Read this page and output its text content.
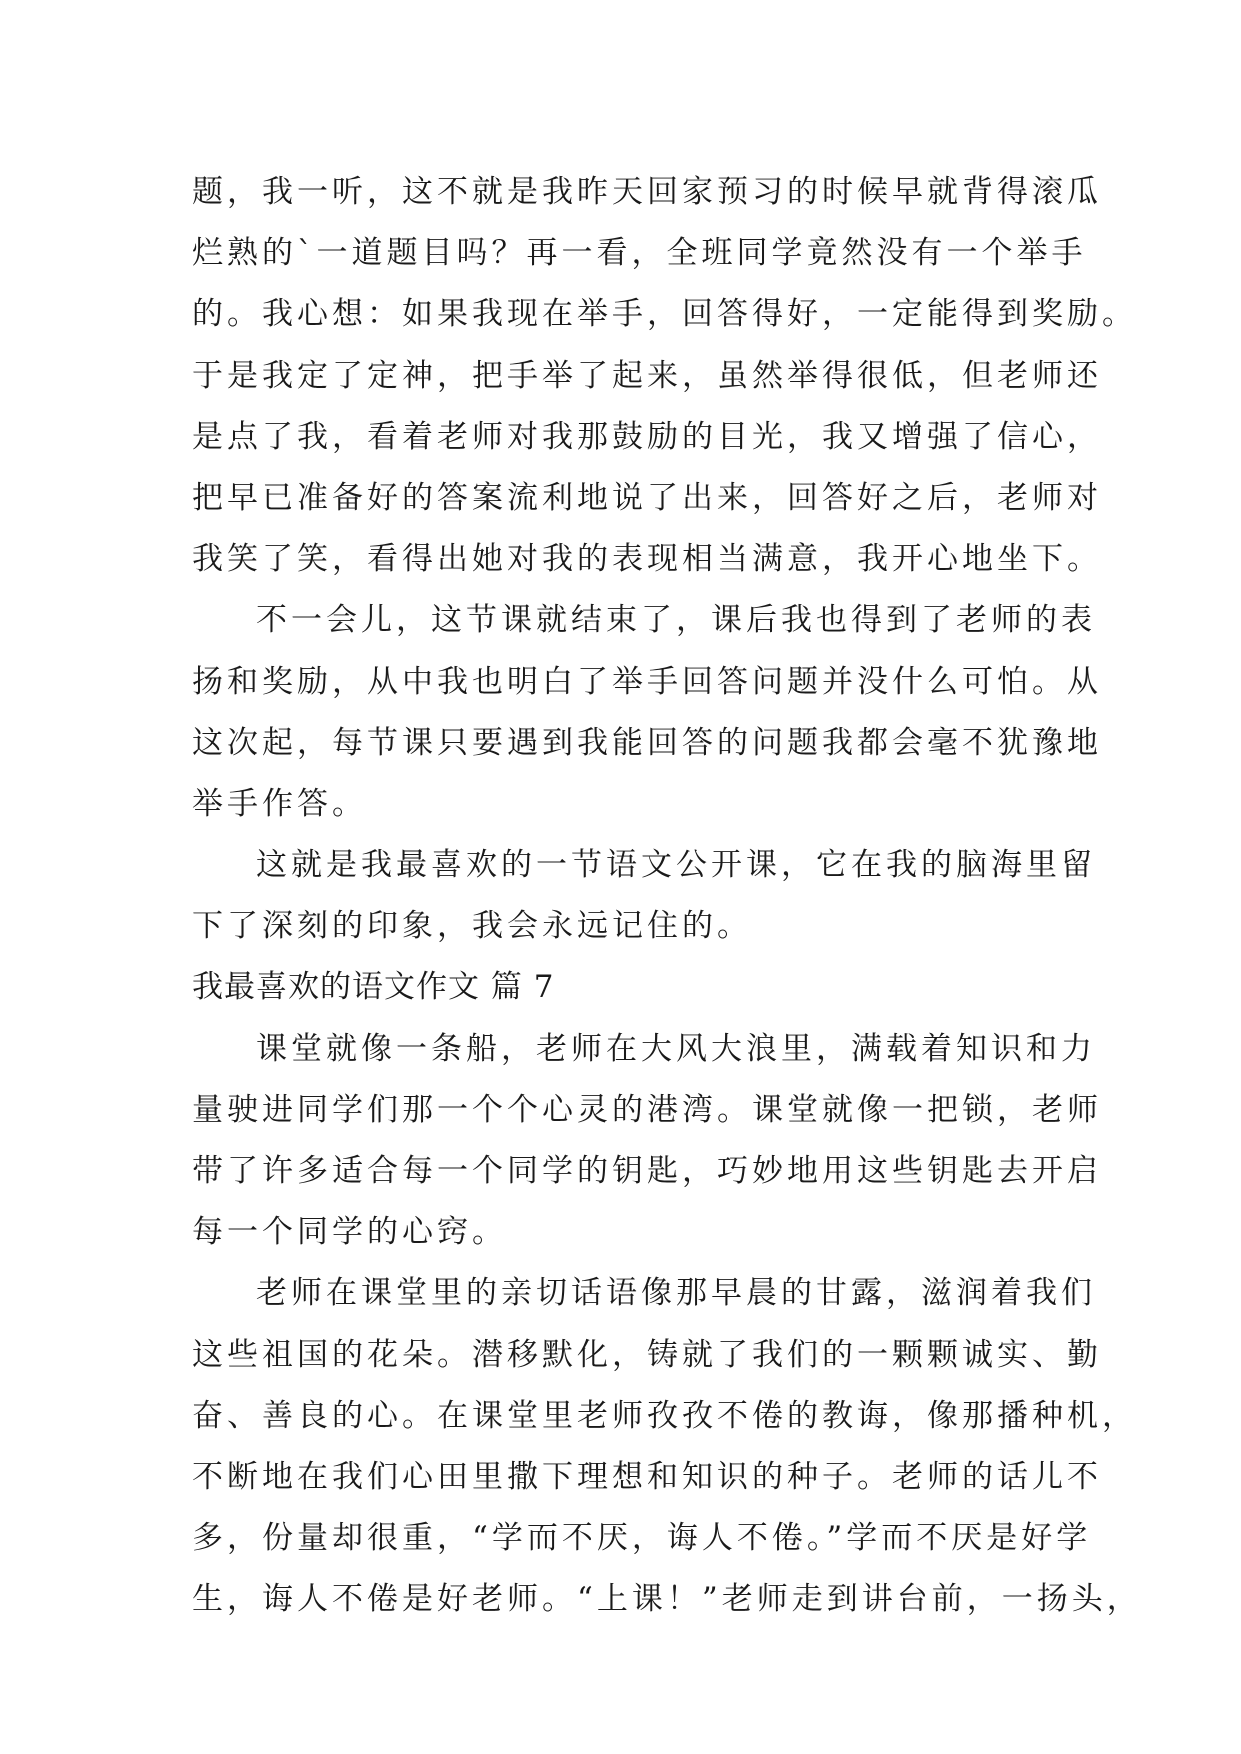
题，我一听，这不就是我昨天回家预习的时候早就背得滚瓜
烂熟的`一道题目吗？再一看，全班同学竟然没有一个举手
的。我心想：如果我现在举手，回答得好，一定能得到奖励。
于是我定了定神，把手举了起来，虽然举得很低，但老师还
是点了我，看着老师对我那鼓励的目光，我又增强了信心，
把早已准备好的答案流利地说了出来，回答好之后，老师对
我笑了笑，看得出她对我的表现相当满意，我开心地坐下。
不一会儿，这节课就结束了，课后我也得到了老师的表
扬和奖励，从中我也明白了举手回答问题并没什么可怕。从
这次起，每节课只要遇到我能回答的问题我都会毫不犹豫地
举手作答。
这就是我最喜欢的一节语文公开课，它在我的脑海里留
下了深刻的印象，我会永远记住的。
我最喜欢的语文作文 篇 7
课堂就像一条船，老师在大风大浪里，满载着知识和力
量驶进同学们那一个个心灵的港湾。课堂就像一把锁，老师
带了许多适合每一个同学的钥匙，巧妙地用这些钥匙去开启
每一个同学的心窍。
老师在课堂里的亲切话语像那早晨的甘露，滋润着我们
这些祖国的花朵。潜移默化，铸就了我们的一颗颗诚实、勤
奋、善良的心。在课堂里老师孜孜不倦的教诲，像那播种机，
不断地在我们心田里撒下理想和知识的种子。老师的话儿不
多，份量却很重，“学而不厌，诲人不倦。”学而不厌是好学
生，诲人不倦是好老师。“上课！”老师走到讲台前，一扬头，
